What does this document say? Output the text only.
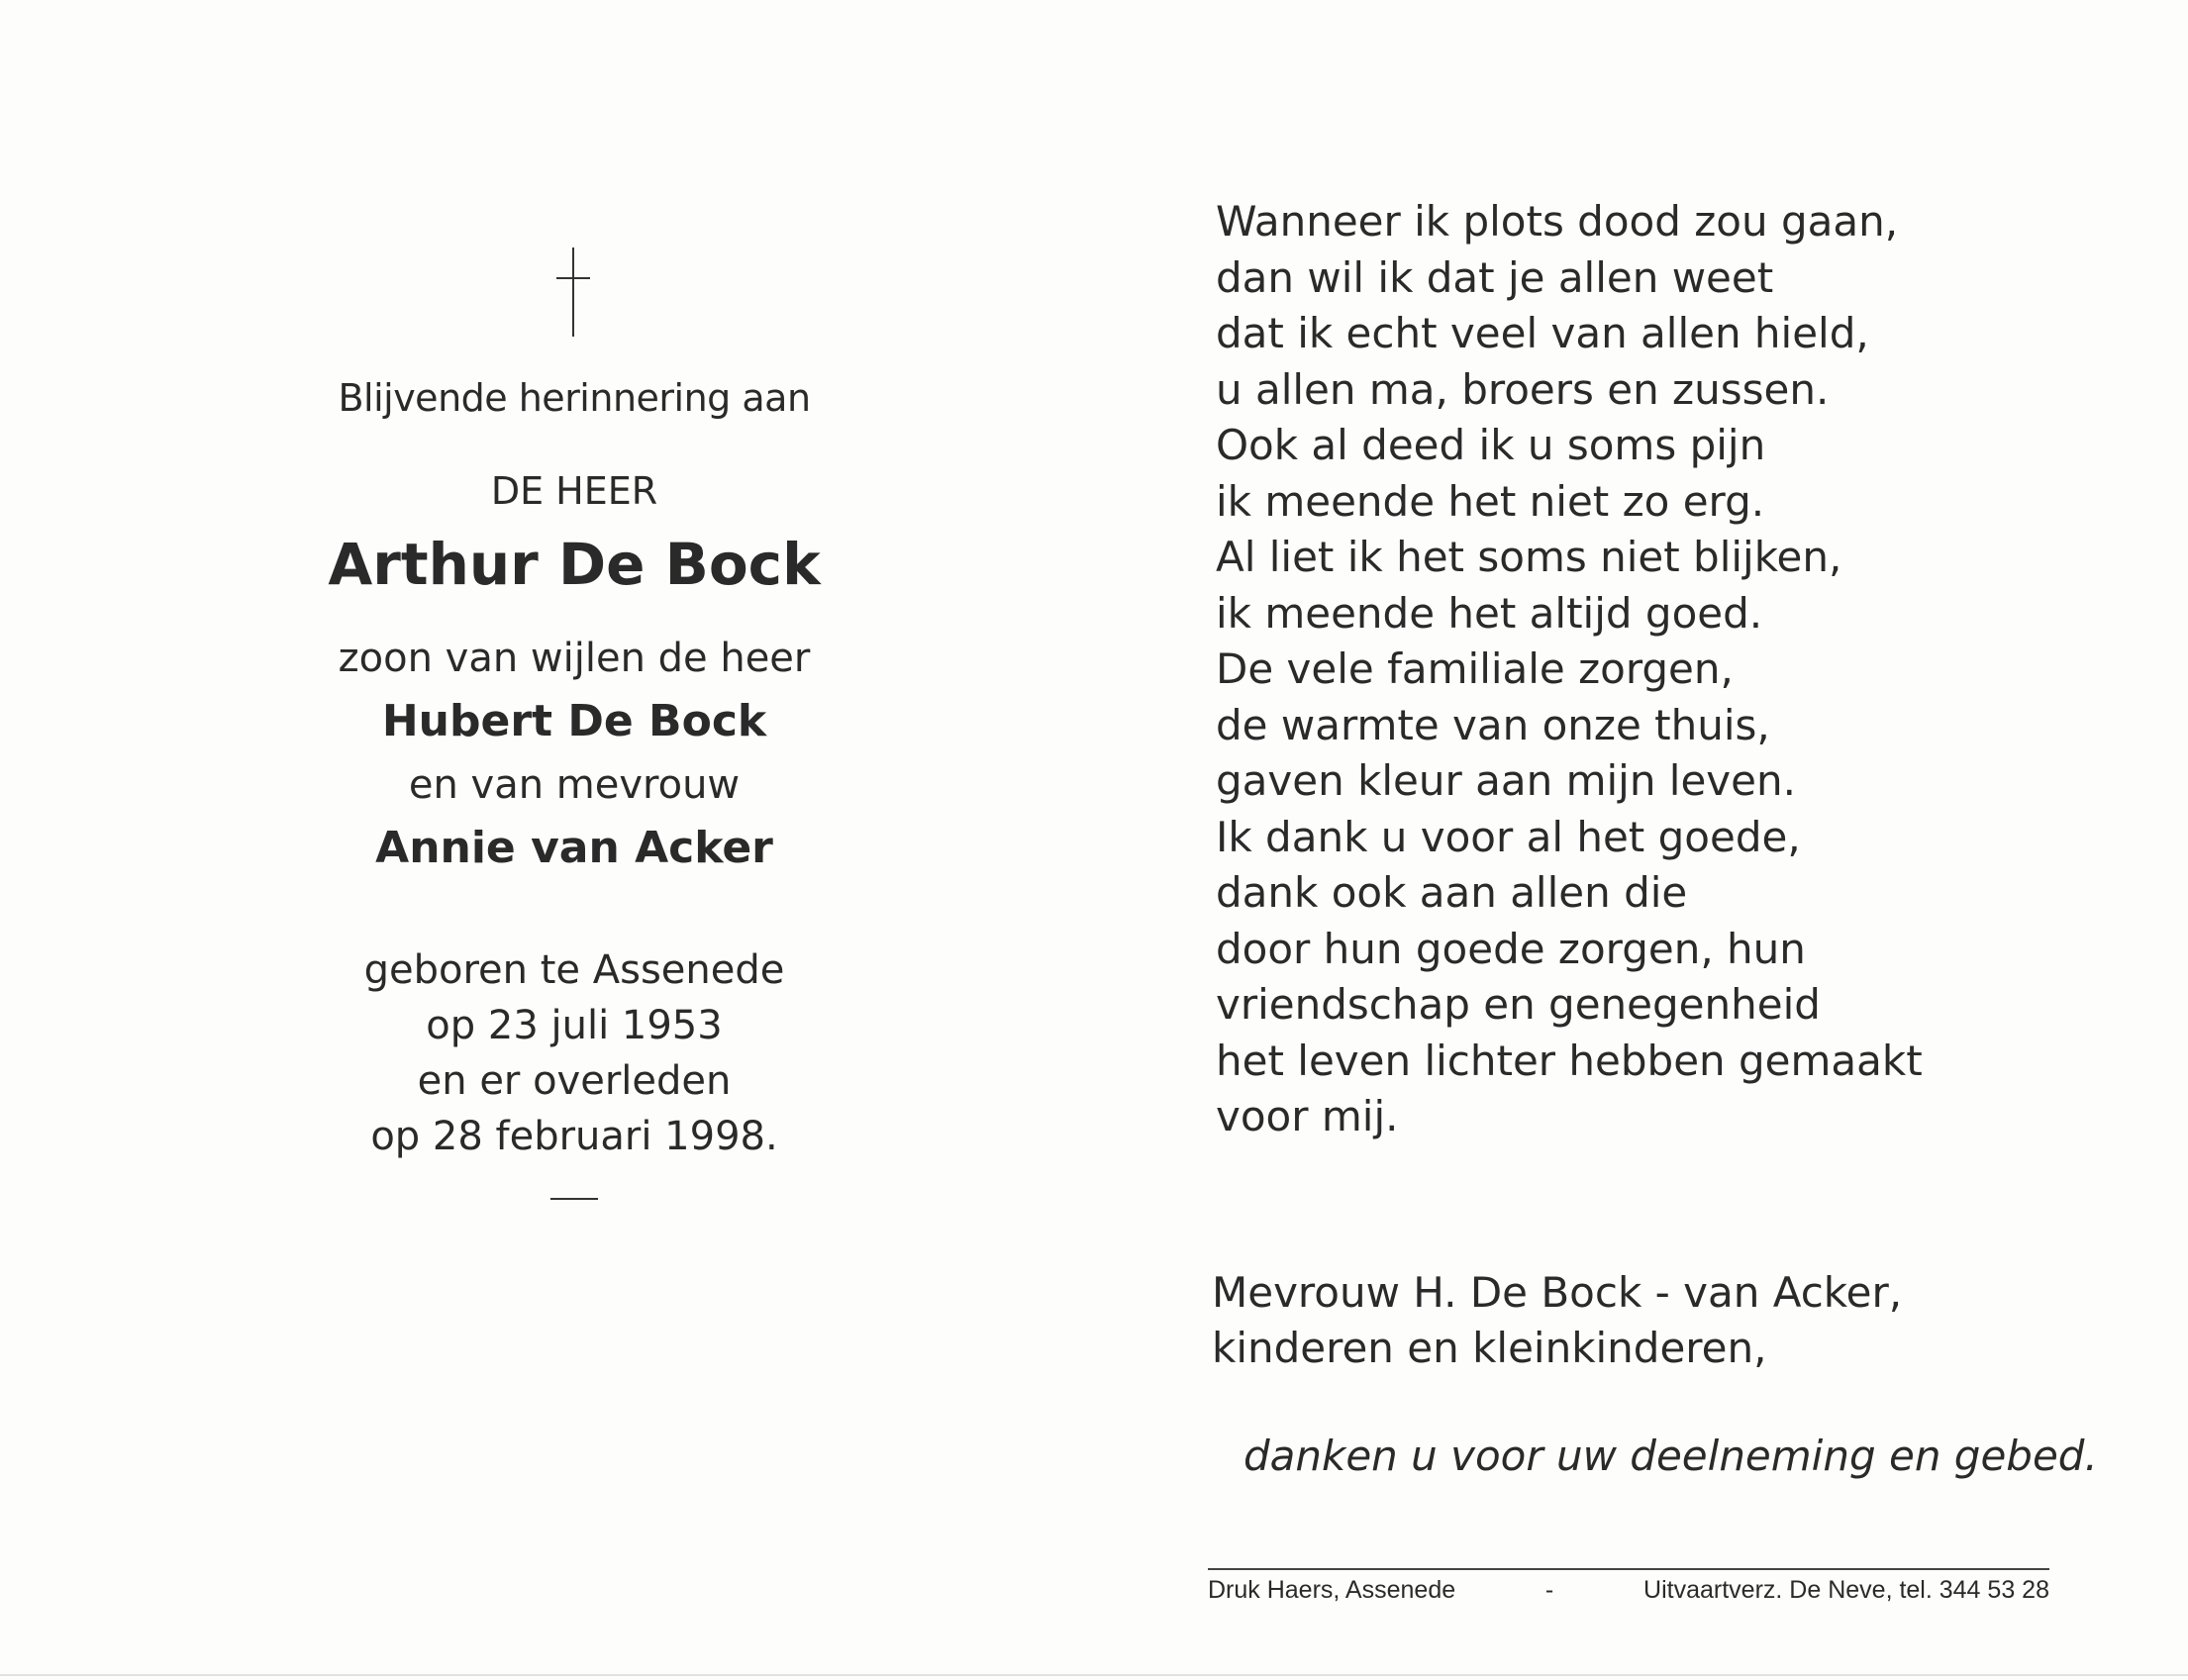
Blijvende herinnering aan
DE HEER
Arthur De Bock
zoon van wijlen de heer
Hubert De Bock
en van mevrouw
Annie van Acker
geboren te Assenede
op 23 juli 1953
en er overleden
op 28 februari 1998.
Wanneer ik plots dood zou gaan,
dan wil ik dat je allen weet
dat ik echt veel van allen hield,
u allen ma, broers en zussen.
Ook al deed ik u soms pijn
ik meende het niet zo erg.
Al liet ik het soms niet blijken,
ik meende het altijd goed.
De vele familiale zorgen,
de warmte van onze thuis,
gaven kleur aan mijn leven.
Ik dank u voor al het goede,
dank ook aan allen die
door hun goede zorgen, hun
vriendschap en genegenheid
het leven lichter hebben gemaakt
voor mij.
Mevrouw H. De Bock - van Acker,
kinderen en kleinkinderen,
danken u voor uw deelneming en gebed.
Druk Haers, Assenede	-	Uitvaartverz. De Neve, tel. 344 53 28
